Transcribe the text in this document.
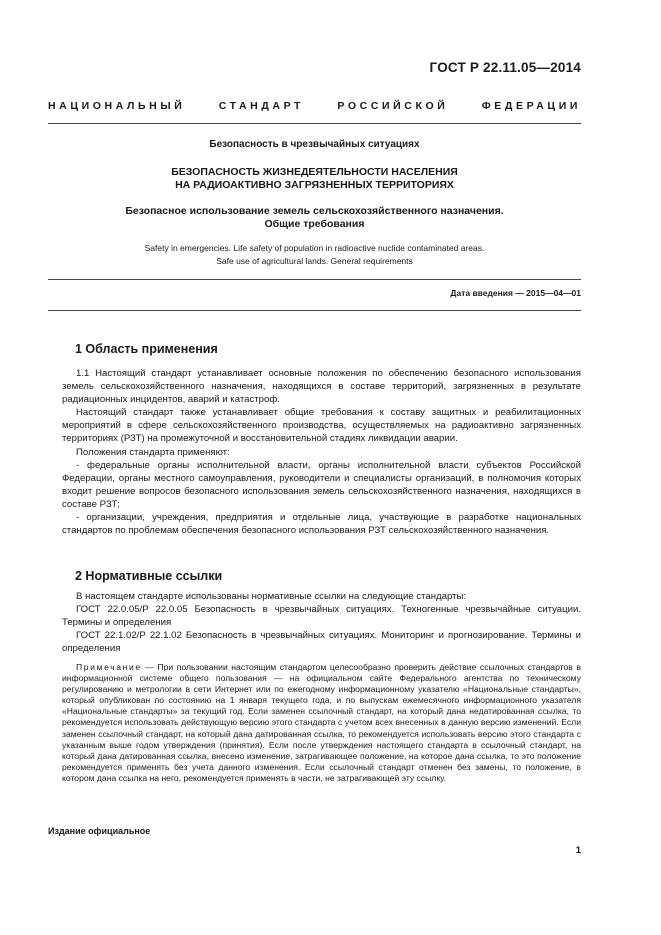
ГОСТ Р 22.11.05—2014
НАЦИОНАЛЬНЫЙ СТАНДАРТ РОССИЙСКОЙ ФЕДЕРАЦИИ
Безопасность в чрезвычайных ситуациях
БЕЗОПАСНОСТЬ ЖИЗНЕДЕЯТЕЛЬНОСТИ НАСЕЛЕНИЯ
НА РАДИОАКТИВНО ЗАГРЯЗНЕННЫХ ТЕРРИТОРИЯХ
Безопасное использование земель сельскохозяйственного назначения.
Общие требования
Safety in emergencies. Life safety of population in radioactive nuclide contaminated areas.
Safe use of agricultural lands. General requirements
Дата введения — 2015—04—01
1 Область применения

1.1 Настоящий стандарт устанавливает основные положения по обеспечению безопасного использования земель сельскохозяйственного назначения, находящихся в составе территорий, загрязненных в результате радиационных инцидентов, аварий и катастроф.

Настоящий стандарт также устанавливает общие требования к составу защитных и реабилитационных мероприятий в сфере сельскохозяйственного производства, осуществляемых на радиоактивно загрязненных территориях (РЗТ) на промежуточной и восстановительной стадиях ликвидации аварии.

Положения стандарта применяют:

- федеральные органы исполнительной власти, органы исполнительной власти субъектов Российской Федерации, органы местного самоуправления, руководители и специалисты организаций, в полномочия которых входит решение вопросов безопасного использования земель сельскохозяйственного назначения, находящихся в составе РЗТ;

- организации, учреждения, предприятия и отдельные лица, участвующие в разработке национальных стандартов по проблемам обеспечения безопасного использования РЗТ сельскохозяйственного назначения.

2 Нормативные ссылки

В настоящем стандарте использованы нормативные ссылки на следующие стандарты:

ГОСТ 22.0.05/Р 22.0.05 Безопасность в чрезвычайных ситуациях. Техногенные чрезвычайные ситуации. Термины и определения

ГОСТ 22.1.02/Р 22.1.02 Безопасность в чрезвычайных ситуациях. Мониторинг и прогнозирование. Термины и определения

Примечание — При пользовании настоящим стандартом целесообразно проверить действие ссылочных стандартов в информационной системе общего пользования — на официальном сайте Федерального агентства по техническому регулированию и метрологии в сети Интернет или по ежегодному информационному указателю «Национальные стандарты», который опубликован по состоянию на 1 января текущего года, и по выпускам ежемесячного информационного указателя «Национальные стандарты» за текущий год. Если заменен ссылочный стандарт, на который дана недатированная ссылка, то рекомендуется использовать действующую версию этого стандарта с учетом всех внесенных в данную версию изменений. Если заменен ссылочный стандарт, на который дана датированная ссылка, то рекомендуется использовать версию этого стандарта с указанным выше годом утверждения (принятия). Если после утверждения настоящего стандарта в ссылочный стандарт, на который дана датированная ссылка, внесено изменение, затрагивающее положение, на которое дана ссылка, то это положение рекомендуется применять без учета данного изменения. Если ссылочный стандарт отменен без замены, то положение, в котором дана ссылка на него, рекомендуется применять в части, не затрагивающей эту ссылку.

Издание официальное
1
